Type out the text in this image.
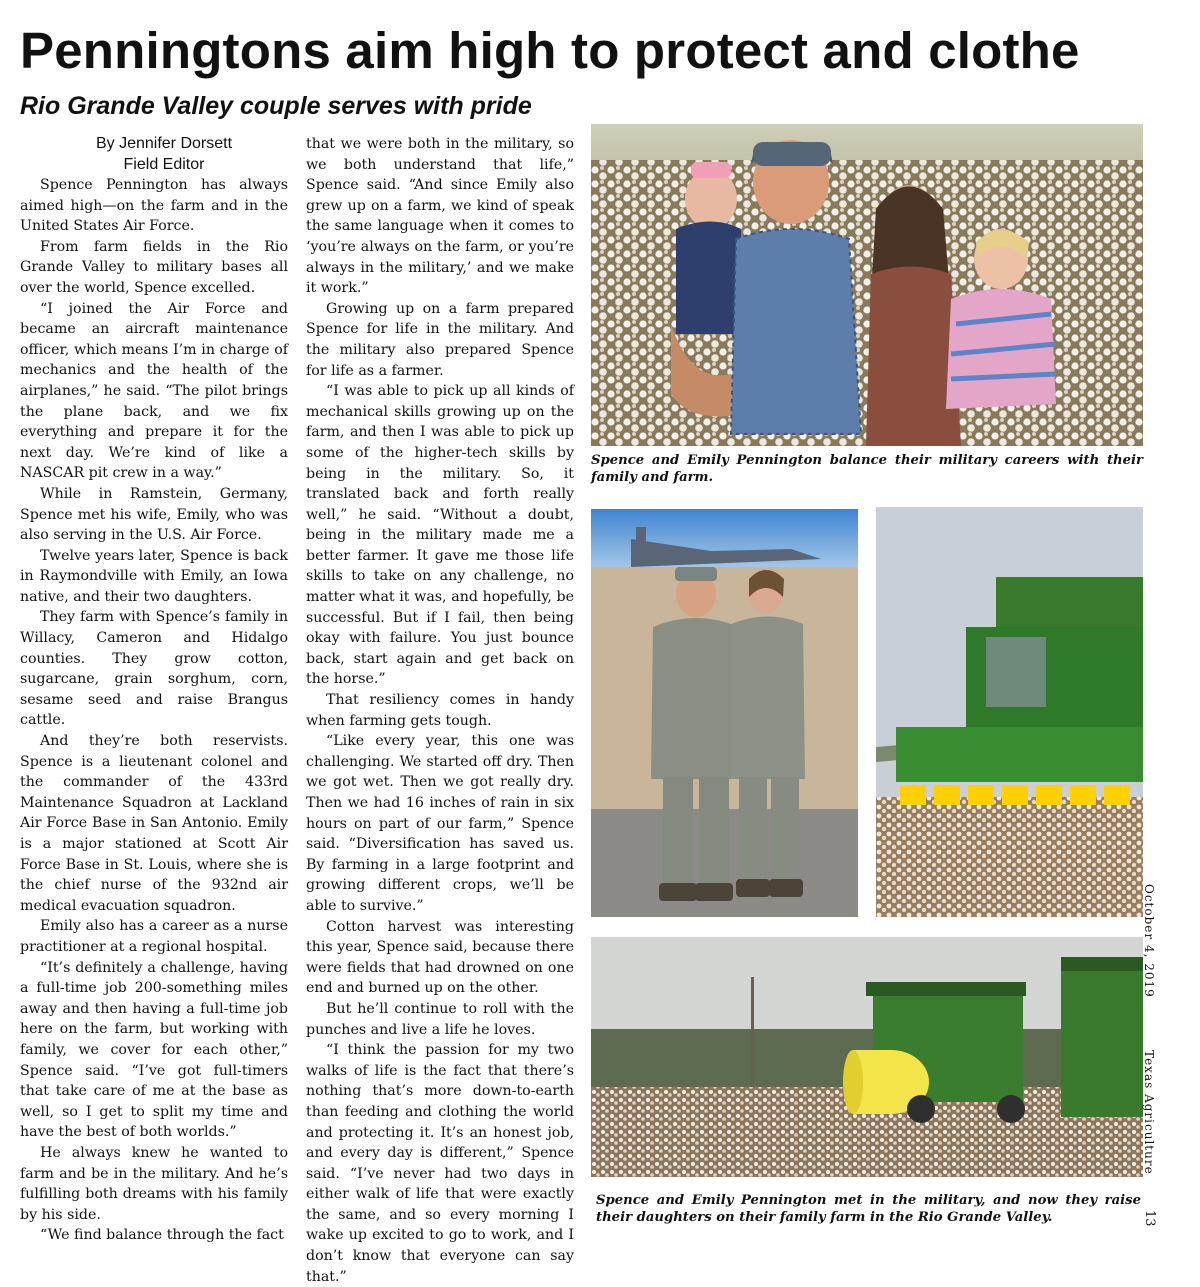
Penningtons aim high to protect and clothe
Rio Grande Valley couple serves with pride

By Jennifer Dorsett

Field Editor

Spence Pennington has always aimed high—on the farm and in the United States Air Force.

From farm fields in the Rio Grande Valley to military bases all over the world, Spence excelled.

“I joined the Air Force and became an aircraft maintenance officer, which means I’m in charge of mechanics and the health of the airplanes,” he said. “The pilot brings the plane back, and we fix everything and prepare it for the next day. We’re kind of like a NASCAR pit crew in a way.”

While in Ramstein, Germany, Spence met his wife, Emily, who was also serving in the U.S. Air Force.

Twelve years later, Spence is back in Raymondville with Emily, an Iowa native, and their two daughters.

They farm with Spence’s family in Willacy, Cameron and Hidalgo counties. They grow cotton, sugarcane, grain sorghum, corn, sesame seed and raise Brangus cattle.

And they’re both reservists. Spence is a lieutenant colonel and the commander of the 433rd Maintenance Squadron at Lackland Air Force Base in San Antonio. Emily is a major stationed at Scott Air Force Base in St. Louis, where she is the chief nurse of the 932nd air medical evacuation squadron.

Emily also has a career as a nurse practitioner at a regional hospital.

“It’s definitely a challenge, having a full-time job 200-something miles away and then having a full-time job here on the farm, but working with family, we cover for each other,” Spence said. “I’ve got full-timers that take care of me at the base as well, so I get to split my time and have the best of both worlds.”

He always knew he wanted to farm and be in the military. And he’s fulfilling both dreams with his family by his side.

“We find balance through the fact

that we were both in the military, so we both understand that life,” Spence said. “And since Emily also grew up on a farm, we kind of speak the same language when it comes to ‘you’re always on the farm, or you’re always in the military,’ and we make it work.”

Growing up on a farm prepared Spence for life in the military. And the military also prepared Spence for life as a farmer.

“I was able to pick up all kinds of mechanical skills growing up on the farm, and then I was able to pick up some of the higher-tech skills by being in the military. So, it translated back and forth really well,” he said. “Without a doubt, being in the military made me a better farmer. It gave me those life skills to take on any challenge, no matter what it was, and hopefully, be successful. But if I fail, then being okay with failure. You just bounce back, start again and get back on the horse.”

That resiliency comes in handy when farming gets tough.

“Like every year, this one was challenging. We started off dry. Then we got wet. Then we got really dry. Then we had 16 inches of rain in six hours on part of our farm,” Spence said. “Diversification has saved us. By farming in a large footprint and growing different crops, we’ll be able to survive.”

Cotton harvest was interesting this year, Spence said, because there were fields that had drowned on one end and burned up on the other.

But he’ll continue to roll with the punches and live a life he loves.

“I think the passion for my two walks of life is the fact that there’s nothing that’s more down-to-earth than feeding and clothing the world and protecting it. It’s an honest job, and every day is different,” Spence said. “I’ve never had two days in either walk of life that were exactly the same, and so every morning I wake up excited to go to work, and I don’t know that everyone can say that.”

Spence and Emily Pennington balance their military careers with their family and farm.

Spence and Emily Pennington met in the military, and now they raise their daughters on their family farm in the Rio Grande Valley.

October 4, 2019
Texas Agriculture
13
